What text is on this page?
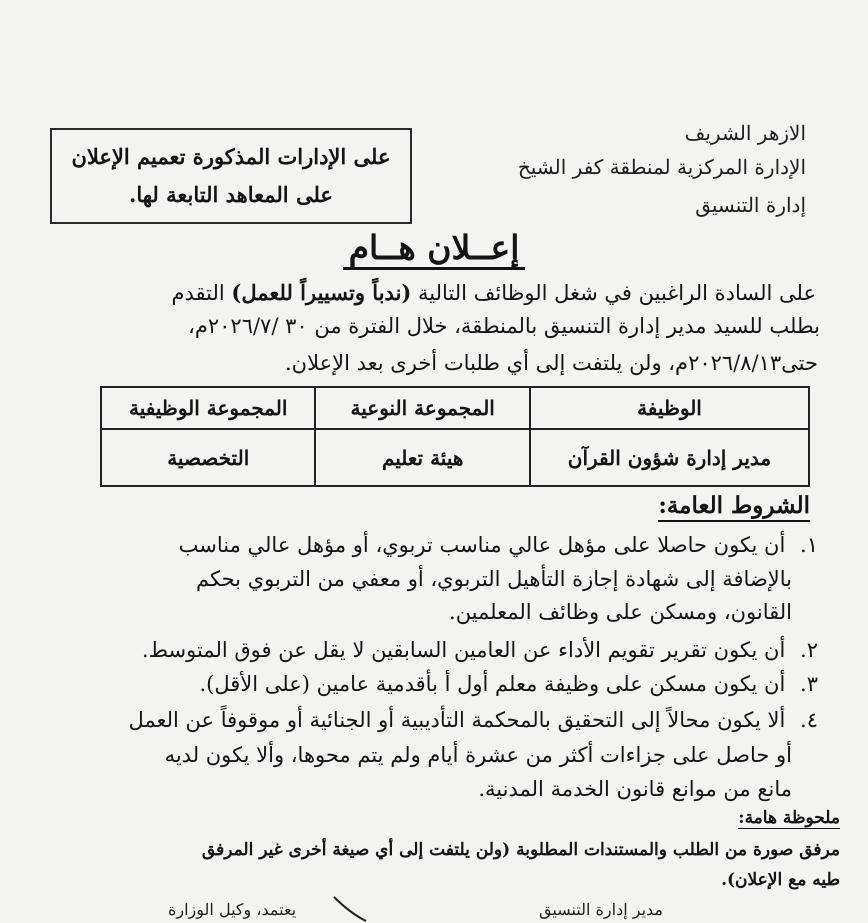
الازهر الشريف
الإدارة المركزية لمنطقة كفر الشيخ
إدارة التنسيق
على الإدارات المذكورة تعميم الإعلان
على المعاهد التابعة لها.
إعــلان هــام
على السادة الراغبين في شغل الوظائف التالية (ندباً وتسييراً للعمل) التقدم
بطلب للسيد مدير إدارة التنسيق بالمنطقة، خلال الفترة من ٣٠ /٢٠٢٦/٧م،
حتى٢٠٢٦/٨/١٣م، ولن يلتفت إلى أي طلبات أخرى بعد الإعلان.
الوظيفة	المجموعة النوعية	المجموعة الوظيفية
مدير إدارة شؤون القرآن	هيئة تعليم	التخصصية
الشروط العامة:
١. أن يكون حاصلا على مؤهل عالي مناسب تربوي، أو مؤهل عالي مناسب
بالإضافة إلى شهادة إجازة التأهيل التربوي، أو معفي من التربوي بحكم
القانون، ومسكن على وظائف المعلمين.
٢. أن يكون تقرير تقويم الأداء عن العامين السابقين لا يقل عن فوق المتوسط.
٣. أن يكون مسكن على وظيفة معلم أول أ بأقدمية عامين (على الأقل).
٤. ألا يكون محالاً إلى التحقيق بالمحكمة التأديبية أو الجنائية أو موقوفاً عن العمل
أو حاصل على جزاءات أكثر من عشرة أيام ولم يتم محوها، وألا يكون لديه
مانع من موانع قانون الخدمة المدنية.
ملحوظة هامة:
مرفق صورة من الطلب والمستندات المطلوبة (ولن يلتفت إلى أي صيغة أخرى غير المرفق
طيه مع الإعلان).
مدير إدارة التنسيق
يعتمد، وكيل الوزارة
